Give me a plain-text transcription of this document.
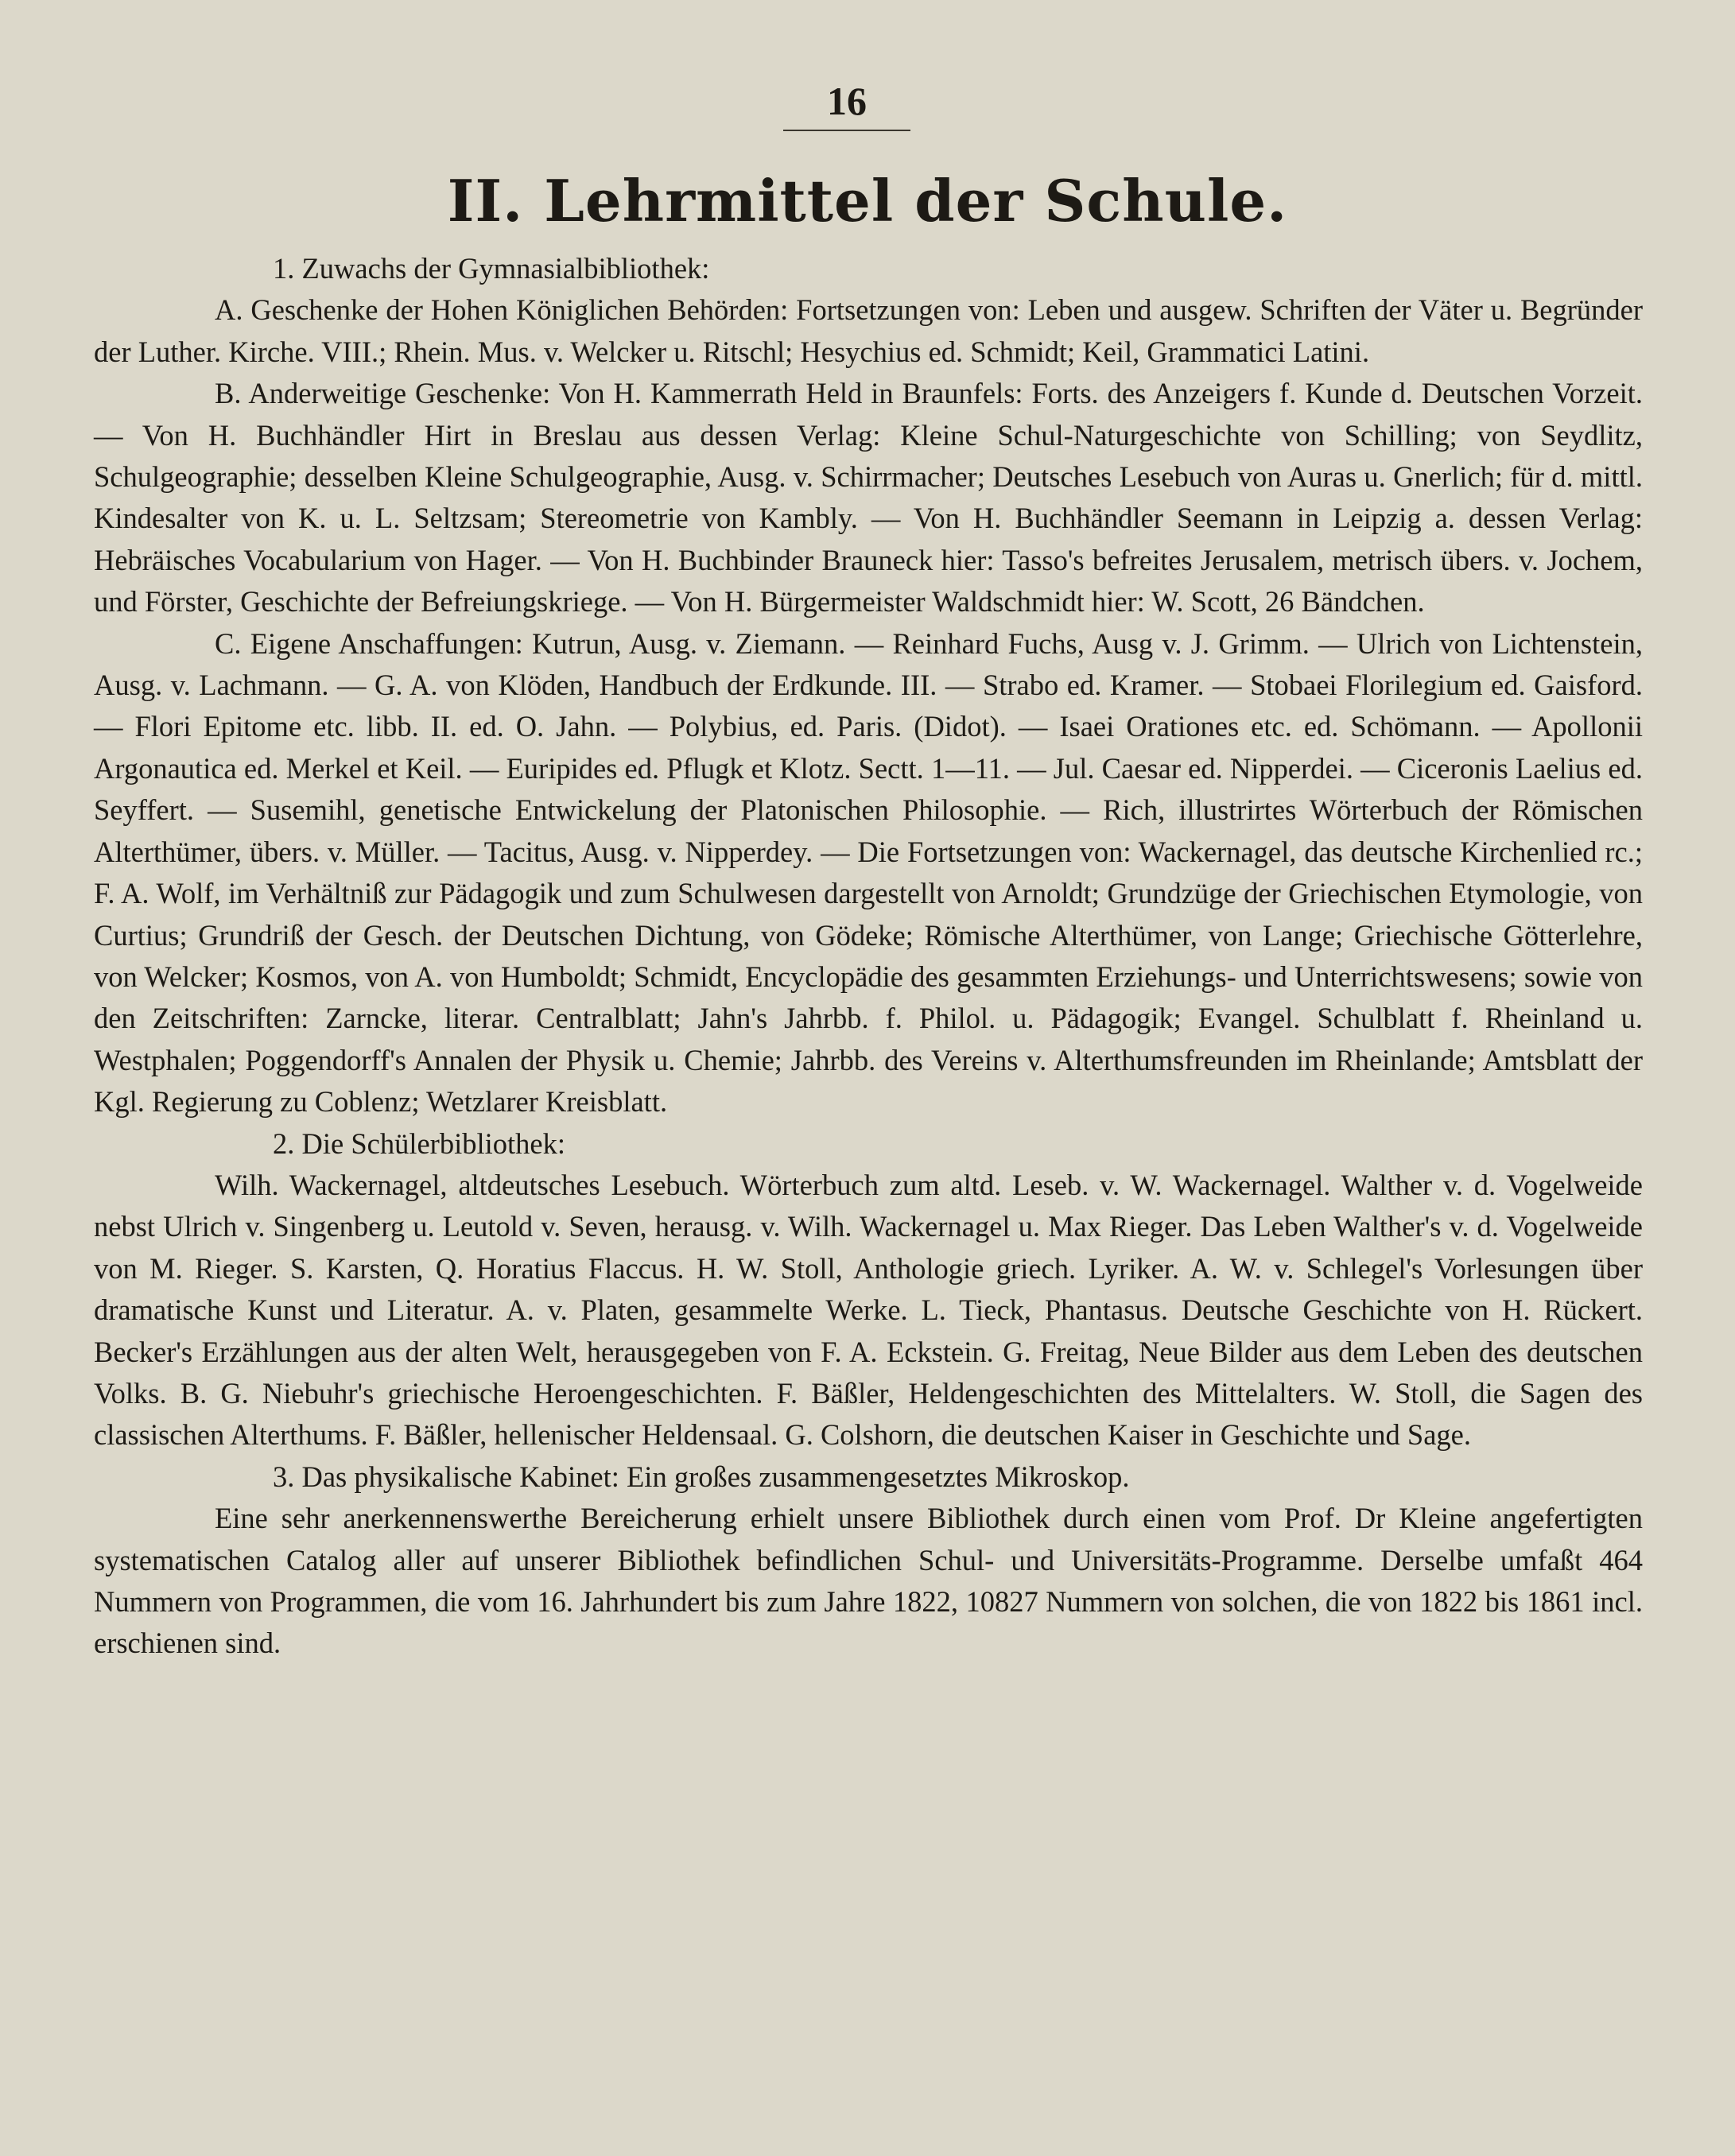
16
II. Lehrmittel der Schule.

1. Zuwachs der Gymnasialbibliothek:

A. Geschenke der Hohen Königlichen Behörden: Fortsetzungen von: Leben und ausgew. Schriften der Väter u. Begründer der Luther. Kirche. VIII.; Rhein. Mus. v. Welcker u. Ritschl; Hesychius ed. Schmidt; Keil, Grammatici Latini.

B. Anderweitige Geschenke: Von H. Kammerrath Held in Braunfels: Forts. des Anzeigers f. Kunde d. Deutschen Vorzeit. — Von H. Buchhändler Hirt in Breslau aus dessen Verlag: Kleine Schul-Naturgeschichte von Schilling; von Seydlitz, Schulgeographie; desselben Kleine Schulgeographie, Ausg. v. Schirrmacher; Deutsches Lesebuch von Auras u. Gnerlich; für d. mittl. Kindesalter von K. u. L. Seltzsam; Stereometrie von Kambly. — Von H. Buchhändler Seemann in Leipzig a. dessen Verlag: Hebräisches Vocabularium von Hager. — Von H. Buchbinder Brauneck hier: Tasso's befreites Jerusalem, metrisch übers. v. Jochem, und Förster, Geschichte der Befreiungskriege. — Von H. Bürgermeister Waldschmidt hier: W. Scott, 26 Bändchen.

C. Eigene Anschaffungen: Kutrun, Ausg. v. Ziemann. — Reinhard Fuchs, Ausg v. J. Grimm. — Ulrich von Lichtenstein, Ausg. v. Lachmann. — G. A. von Klöden, Handbuch der Erdkunde. III. — Strabo ed. Kramer. — Stobaei Florilegium ed. Gaisford. — Flori Epitome etc. libb. II. ed. O. Jahn. — Polybius, ed. Paris. (Didot). — Isaei Orationes etc. ed. Schömann. — Apollonii Argonautica ed. Merkel et Keil. — Euripides ed. Pflugk et Klotz. Sectt. 1—11. — Jul. Caesar ed. Nipperdei. — Ciceronis Laelius ed. Seyffert. — Susemihl, genetische Entwickelung der Platonischen Philosophie. — Rich, illustrirtes Wörterbuch der Römischen Alterthümer, übers. v. Müller. — Tacitus, Ausg. v. Nipperdey. — Die Fortsetzungen von: Wackernagel, das deutsche Kirchenlied rc.; F. A. Wolf, im Verhältniß zur Pädagogik und zum Schulwesen dargestellt von Arnoldt; Grundzüge der Griechischen Etymologie, von Curtius; Grundriß der Gesch. der Deutschen Dichtung, von Gödeke; Römische Alterthümer, von Lange; Griechische Götterlehre, von Welcker; Kosmos, von A. von Humboldt; Schmidt, Encyclopädie des gesammten Erziehungs- und Unterrichtswesens; sowie von den Zeitschriften: Zarncke, literar. Centralblatt; Jahn's Jahrbb. f. Philol. u. Pädagogik; Evangel. Schulblatt f. Rheinland u. Westphalen; Poggendorff's Annalen der Physik u. Chemie; Jahrbb. des Vereins v. Alterthumsfreunden im Rheinlande; Amtsblatt der Kgl. Regierung zu Coblenz; Wetzlarer Kreisblatt.

2. Die Schülerbibliothek:

Wilh. Wackernagel, altdeutsches Lesebuch. Wörterbuch zum altd. Leseb. v. W. Wackernagel. Walther v. d. Vogelweide nebst Ulrich v. Singenberg u. Leutold v. Seven, herausg. v. Wilh. Wackernagel u. Max Rieger. Das Leben Walther's v. d. Vogelweide von M. Rieger. S. Karsten, Q. Horatius Flaccus. H. W. Stoll, Anthologie griech. Lyriker. A. W. v. Schlegel's Vorlesungen über dramatische Kunst und Literatur. A. v. Platen, gesammelte Werke. L. Tieck, Phantasus. Deutsche Geschichte von H. Rückert. Becker's Erzählungen aus der alten Welt, herausgegeben von F. A. Eckstein. G. Freitag, Neue Bilder aus dem Leben des deutschen Volks. B. G. Niebuhr's griechische Heroengeschichten. F. Bäßler, Heldengeschichten des Mittelalters. W. Stoll, die Sagen des classischen Alterthums. F. Bäßler, hellenischer Heldensaal. G. Colshorn, die deutschen Kaiser in Geschichte und Sage.

3. Das physikalische Kabinet: Ein großes zusammengesetztes Mikroskop.

Eine sehr anerkennenswerthe Bereicherung erhielt unsere Bibliothek durch einen vom Prof. Dr Kleine angefertigten systematischen Catalog aller auf unserer Bibliothek befindlichen Schul- und Universitäts-Programme. Derselbe umfaßt 464 Nummern von Programmen, die vom 16. Jahrhundert bis zum Jahre 1822, 10827 Nummern von solchen, die von 1822 bis 1861 incl. erschienen sind.
